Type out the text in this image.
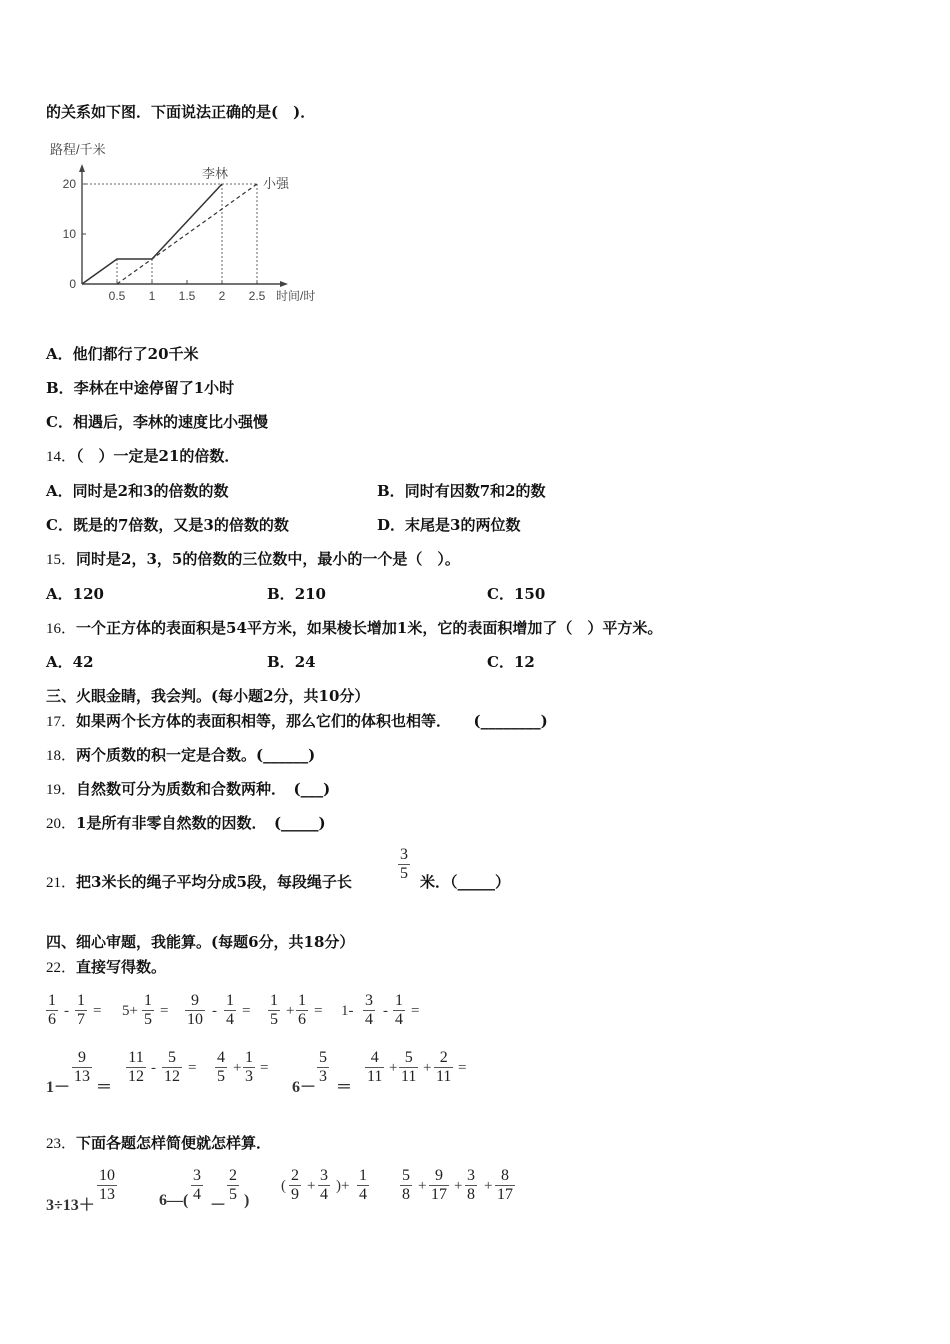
的关系如下图．下面说法正确的是(　)．
路程/千米
时间/时
0
10
20
0.5 1 1.5 2 2.5
李林
小强
A．他们都行了20千米
B．李林在中途停留了1小时
C．相遇后，李林的速度比小强慢
14．（　）一定是21的倍数．
A．同时是2和3的倍数的数	B．同时有因数7和2的数
C．既是的7倍数，又是3的倍数的数	D．末尾是3的两位数
15．同时是2，3，5的倍数的三位数中，最小的一个是（　）。
A．120	B．210	C．150
16．一个正方体的表面积是54平方米，如果棱长增加1米，它的表面积增加了（　）平方米。
A．42	B．24	C．12
三、火眼金睛，我会判。(每小题2分，共10分）
17．如果两个长方体的表面积相等，那么它们的体积也相等．　　(________)
18．两个质数的积一定是合数。(______)
19．自然数可分为质数和合数两种．　(___)
20．1是所有非零自然数的因数．　(_____)
21．把3米长的绳子平均分成5段，每段绳子长	$\frac{3}{5}$ 米．（_____）
四、细心审题，我能算。(每题6分，共18分）
22．直接写得数。
$\frac{1}{6} - \frac{1}{7} = 5+ \frac{1}{5} = \frac{9}{10} - \frac{1}{4} = \frac{1}{5} + \frac{1}{6} = 1- \frac{3}{4} - \frac{1}{4}$ =
1－
$\frac{9}{13}$
＝
$\frac{11}{12} - \frac{5}{12} = \frac{4}{5} + \frac{1}{3}$ =
6－
$\frac{5}{3}$
＝
$\frac{4}{11} + \frac{5}{11} + \frac{2}{11}$ =
23．下面各题怎样简便就怎样算．
3÷13＋
$\frac{10}{13}$	6—( $\frac{3}{4}$
－
$\frac{2}{5}$ )
( $\frac{2}{9} + \frac{3}{4}$ )+ $\frac{1}{4} \frac{5}{8} + \frac{9}{17} + \frac{3}{8} + \frac{8}{17}$
